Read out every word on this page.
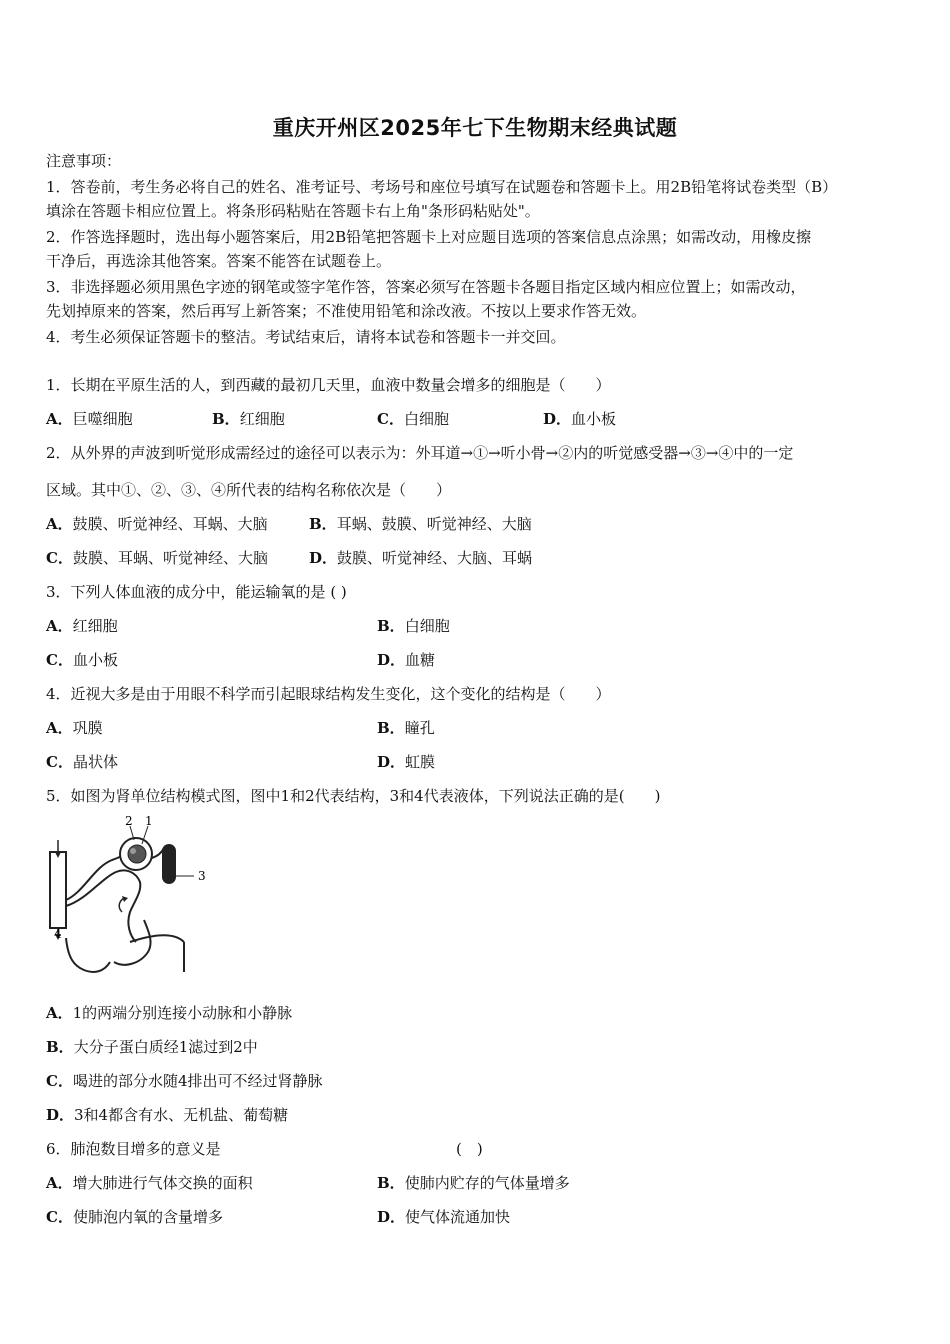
重庆开州区2025年七下生物期末经典试题
注意事项：
1．答卷前，考生务必将自己的姓名、准考证号、考场号和座位号填写在试题卷和答题卡上。用2B铅笔将试卷类型（B）
填涂在答题卡相应位置上。将条形码粘贴在答题卡右上角"条形码粘贴处"。
2．作答选择题时，选出每小题答案后，用2B铅笔把答题卡上对应题目选项的答案信息点涂黑；如需改动，用橡皮擦
干净后，再选涂其他答案。答案不能答在试题卷上。
3．非选择题必须用黑色字迹的钢笔或签字笔作答，答案必须写在答题卡各题目指定区域内相应位置上；如需改动，
先划掉原来的答案，然后再写上新答案；不准使用铅笔和涂改液。不按以上要求作答无效。
4．考生必须保证答题卡的整洁。考试结束后，请将本试卷和答题卡一并交回。
1．长期在平原生活的人，到西藏的最初几天里，血液中数量会增多的细胞是（　　）
A．巨噬细胞	B．红细胞	C．白细胞	D．血小板
2．从外界的声波到听觉形成需经过的途径可以表示为：外耳道→①→听小骨→②内的听觉感受器→③→④中的一定
区域。其中①、②、③、④所代表的结构名称依次是（　　）
A．鼓膜、听觉神经、耳蜗、大脑	B．耳蜗、鼓膜、听觉神经、大脑
C．鼓膜、耳蜗、听觉神经、大脑	D．鼓膜、听觉神经、大脑、耳蜗
3．下列人体血液的成分中，能运输氧的是 ( )
A．红细胞	B．白细胞
C．血小板	D．血糖
4．近视大多是由于用眼不科学而引起眼球结构发生变化，这个变化的结构是（　　）
A．巩膜	B．瞳孔
C．晶状体	D．虹膜
5．如图为肾单位结构模式图，图中1和2代表结构，3和4代表液体，下列说法正确的是(　　)
2 1
3
4
A．1的两端分别连接小动脉和小静脉
B．大分子蛋白质经1滤过到2中
C．喝进的部分水随4排出可不经过肾静脉
D．3和4都含有水、无机盐、葡萄糖
6．肺泡数目增多的意义是	(　)
A．增大肺进行气体交换的面积	B．使肺内贮存的气体量增多
C．使肺泡内氧的含量增多	D．使气体流通加快
